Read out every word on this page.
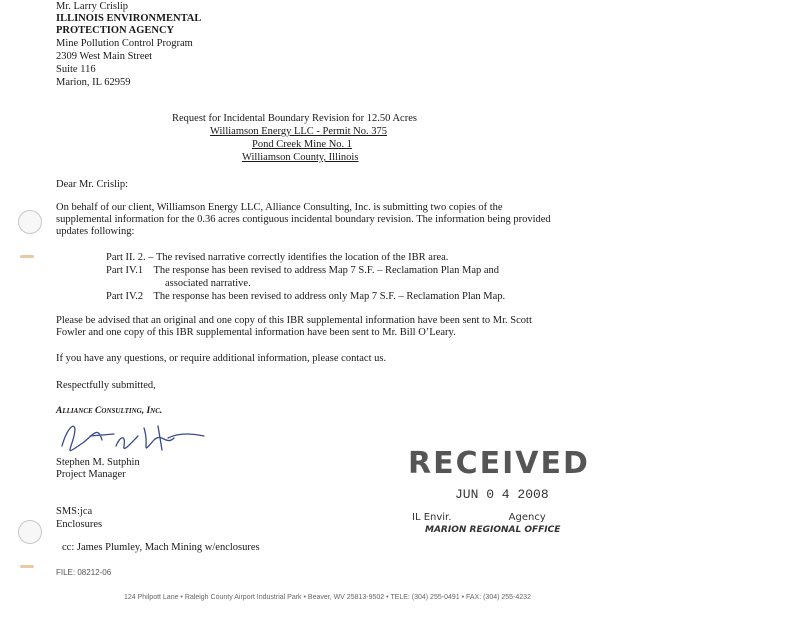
Mr. Larry Crislip
ILLINOIS ENVIRONMENTAL
PROTECTION AGENCY
Mine Pollution Control Program
2309 West Main Street
Suite 116
Marion, IL 62959
Request for Incidental Boundary Revision for 12.50 Acres
Williamson Energy LLC - Permit No. 375
Pond Creek Mine No. 1
Williamson County, Illinois
Dear Mr. Crislip:
On behalf of our client, Williamson Energy LLC, Alliance Consulting, Inc. is submitting two copies of the supplemental information for the 0.36 acres contiguous incidental boundary revision. The information being provided updates following:
Part II. 2. – The revised narrative correctly identifies the location of the IBR area.
Part IV.1 The response has been revised to address Map 7 S.F. – Reclamation Plan Map and
associated narrative.
Part IV.2 The response has been revised to address only Map 7 S.F. – Reclamation Plan Map.
Please be advised that an original and one copy of this IBR supplemental information have been sent to Mr. Scott Fowler and one copy of this IBR supplemental information have been sent to Mr. Bill O’Leary.
If you have any questions, or require additional information, please contact us.
Respectfully submitted,
Alliance Consulting, Inc.
Stephen M. Sutphin
Project Manager
SMS:jca
Enclosures
cc: James Plumley, Mach Mining w/enclosures
FILE: 08212-06
RECEIVED
JUN 0 4 2008
IL Envir.                  Agency
MARION REGIONAL OFFICE
124 Philpott Lane • Raleigh County Airport Industrial Park • Beaver, WV 25813-9502 • TELE: (304) 255-0491 • FAX: (304) 255-4232
